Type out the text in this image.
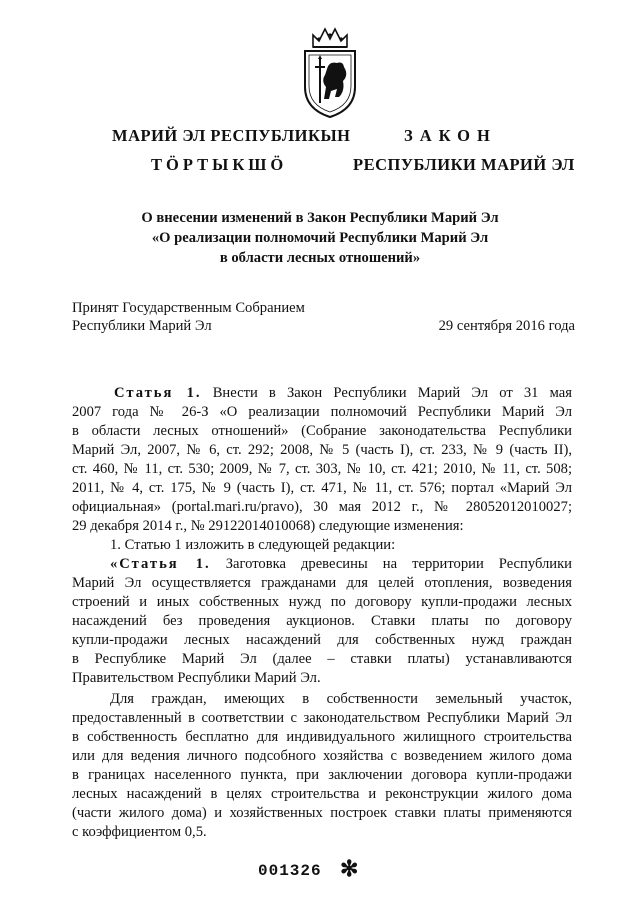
МАРИЙ ЭЛ РЕСПУБЛИКЫН
ТӦРТЫКШӦ
ЗАКОН
РЕСПУБЛИКИ МАРИЙ ЭЛ
О внесении изменений в Закон Республики Марий Эл
«О реализации полномочий Республики Марий Эл
в области лесных отношений»
Принят Государственным Собранием
Республики Марий Эл	29 сентября 2016 года
Статья 1. Внести в Закон Республики Марий Эл от 31 мая
2007 года № 26-З «О реализации полномочий Республики Марий Эл
в области лесных отношений» (Собрание законодательства Республики
Марий Эл, 2007, № 6, ст. 292; 2008, № 5 (часть I), ст. 233, № 9 (часть II),
ст. 460, № 11, ст. 530; 2009, № 7, ст. 303, № 10, ст. 421; 2010, № 11, ст. 508;
2011, № 4, ст. 175, № 9 (часть I), ст. 471, № 11, ст. 576; портал «Марий Эл
официальная» (portal.mari.ru/pravo), 30 мая 2012 г., № 28052012010027;
29 декабря 2014 г., № 29122014010068) следующие изменения:
1. Статью 1 изложить в следующей редакции:
«Статья 1. Заготовка древесины на территории Республики
Марий Эл осуществляется гражданами для целей отопления, возведения
строений и иных собственных нужд по договору купли-продажи лесных
насаждений без проведения аукционов. Ставки платы по договору
купли-продажи лесных насаждений для собственных нужд граждан
в Республике Марий Эл (далее – ставки платы) устанавливаются
Правительством Республики Марий Эл.
Для граждан, имеющих в собственности земельный участок,
предоставленный в соответствии с законодательством Республики Марий Эл
в собственность бесплатно для индивидуального жилищного строительства
или для ведения личного подсобного хозяйства с возведением жилого дома
в границах населенного пункта, при заключении договора купли-продажи
лесных насаждений в целях строительства и реконструкции жилого дома
(части жилого дома) и хозяйственных построек ставки платы применяются
с коэффициентом 0,5.
001326 ✻
